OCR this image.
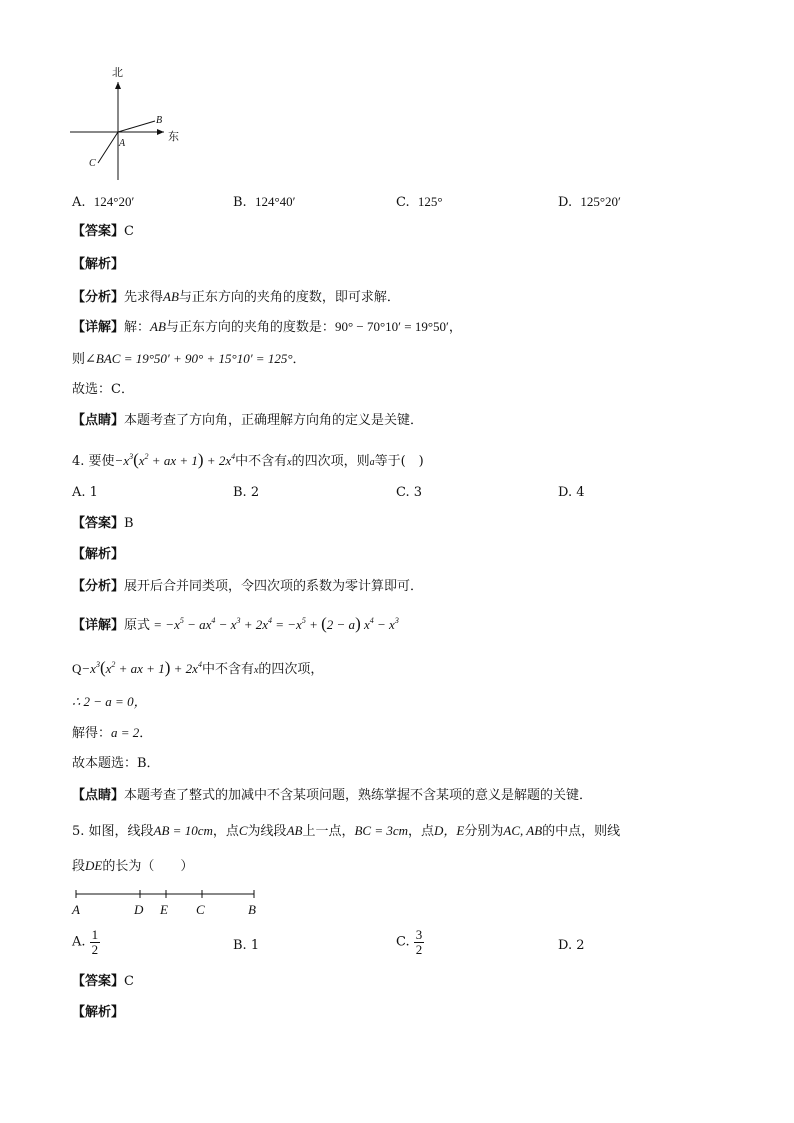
北
东
A
B
C
A. 124°20′	B. 124°40′	C. 125°	D. 125°20′
【答案】C
【解析】
【分析】先求得AB与正东方向的夹角的度数，即可求解．
【详解】解：AB与正东方向的夹角的度数是：90° − 70°10′ = 19°50′，
则∠BAC = 19°50′ + 90° + 15°10′ = 125°．
故选：C．
【点睛】本题考查了方向角，正确理解方向角的定义是关键．
4. 要使$-x^3(x^2$ + ax + $1) + 2x^4$中不含有x的四次项，则a等于(　)
A. 1	B. 2	C. 3	D. 4
【答案】B
【解析】
【分析】展开后合并同类项，令四次项的系数为零计算即可．
【详解】原式 = $-x^5 - ax^4 - x^3 + 2x^4 = -x^5 + (2 - a) x^4 - x^3$
$Q-x^3(x^2$ + ax + $1) + 2x^4$中不含有x的四次项，
∴ 2 − a = 0，
解得：a = 2．
故本题选：B．
【点睛】本题考查了整式的加减中不含某项问题，熟练掌握不含某项的意义是解题的关键．
5. 如图，线段AB = 10cm，点C为线段AB上一点，BC = 3cm，点D，E分别为AC, AB的中点，则线
段DE的长为（　　）
A	D E C	B
A. $\frac{1}{2}$	B. 1	C. $\frac{3}{2}$	D. 2
【答案】C
【解析】
